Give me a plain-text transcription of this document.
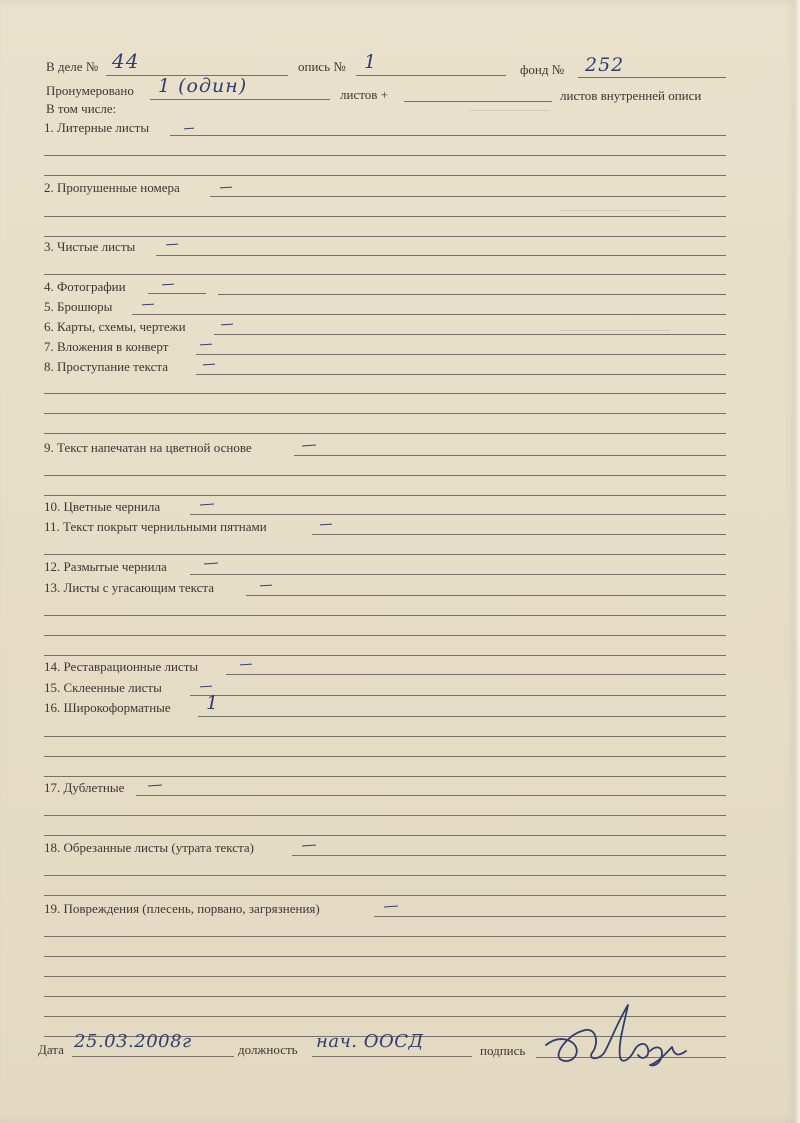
В деле № 44	опись № 1	фонд № 252
Пронумеровано 1 (один)	листов +	листов внутренней описи
В том числе:
1. Литерные листы
2. Пропушенные номера
3. Чистые листы
4. Фотографии
5. Брошюры
6. Карты, схемы, чертежи
7. Вложения в конверт
8. Проступание текста
9. Текст напечатан на цветной основе
10. Цветные чернила
11. Текст покрыт чернильными пятнами
12. Размытые чернила
13. Листы с угасающим текста
14. Реставрационные листы
15. Склеенные листы
16. Широкоформатные 1
17. Дублетные
18. Обрезанные листы (утрата текста)
19. Повреждения (плесень, порвано, загрязнения)
Дата 25.03.2008г	должность нач. ООСД	подпись
